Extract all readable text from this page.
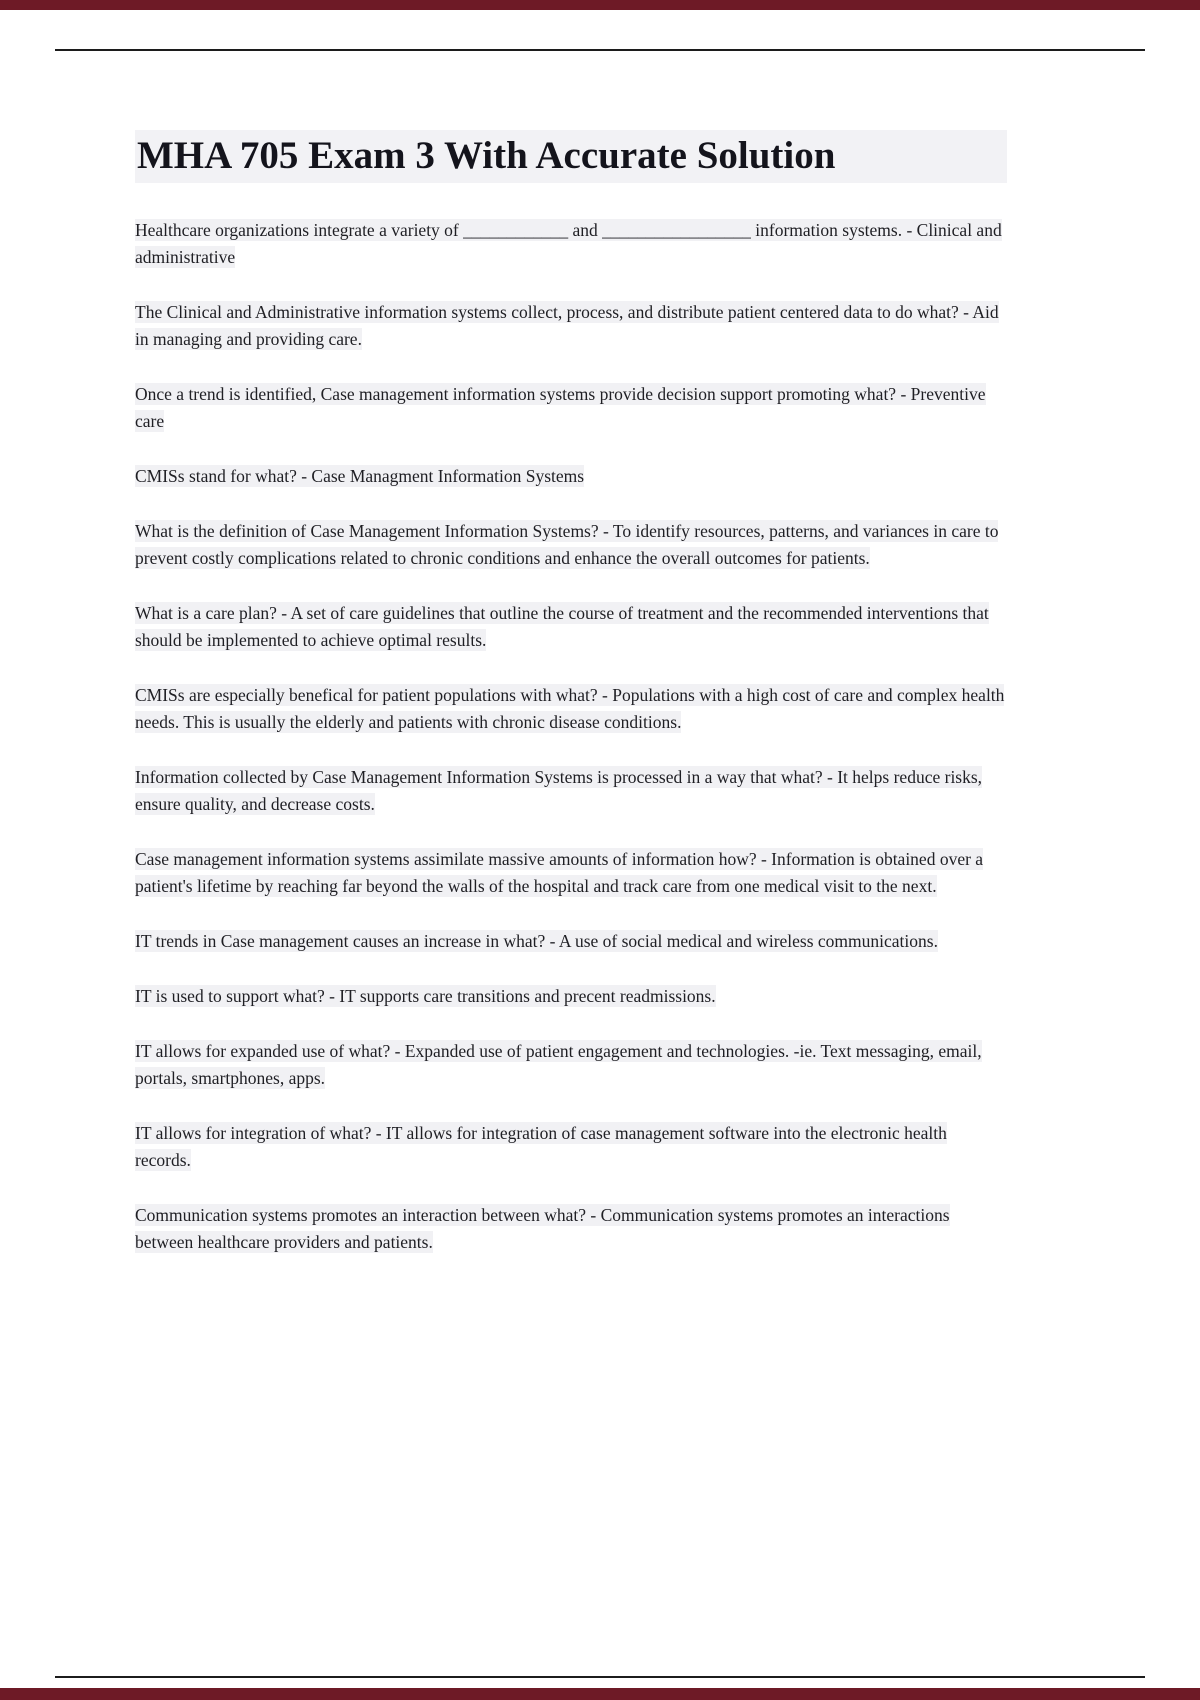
MHA 705 Exam 3 With Accurate Solution

Healthcare organizations integrate a variety of ____________ and _________________ information systems. - Clinical and administrative

The Clinical and Administrative information systems collect, process, and distribute patient centered data to do what? - Aid in managing and providing care.

Once a trend is identified, Case management information systems provide decision support promoting what? - Preventive care

CMISs stand for what? - Case Managment Information Systems

What is the definition of Case Management Information Systems? - To identify resources, patterns, and variances in care to prevent costly complications related to chronic conditions and enhance the overall outcomes for patients.

What is a care plan? - A set of care guidelines that outline the course of treatment and the recommended interventions that should be implemented to achieve optimal results.

CMISs are especially benefical for patient populations with what? - Populations with a high cost of care and complex health needs. This is usually the elderly and patients with chronic disease conditions.

Information collected by Case Management Information Systems is processed in a way that what? - It helps reduce risks, ensure quality, and decrease costs.

Case management information systems assimilate massive amounts of information how? - Information is obtained over a patient's lifetime by reaching far beyond the walls of the hospital and track care from one medical visit to the next.

IT trends in Case management causes an increase in what? - A use of social medical and wireless communications.

IT is used to support what? - IT supports care transitions and precent readmissions.

IT allows for expanded use of what? - Expanded use of patient engagement and technologies. -ie. Text messaging, email, portals, smartphones, apps.

IT allows for integration of what? - IT allows for integration of case management software into the electronic health records.

Communication systems promotes an interaction between what? - Communication systems promotes an interactions between healthcare providers and patients.
